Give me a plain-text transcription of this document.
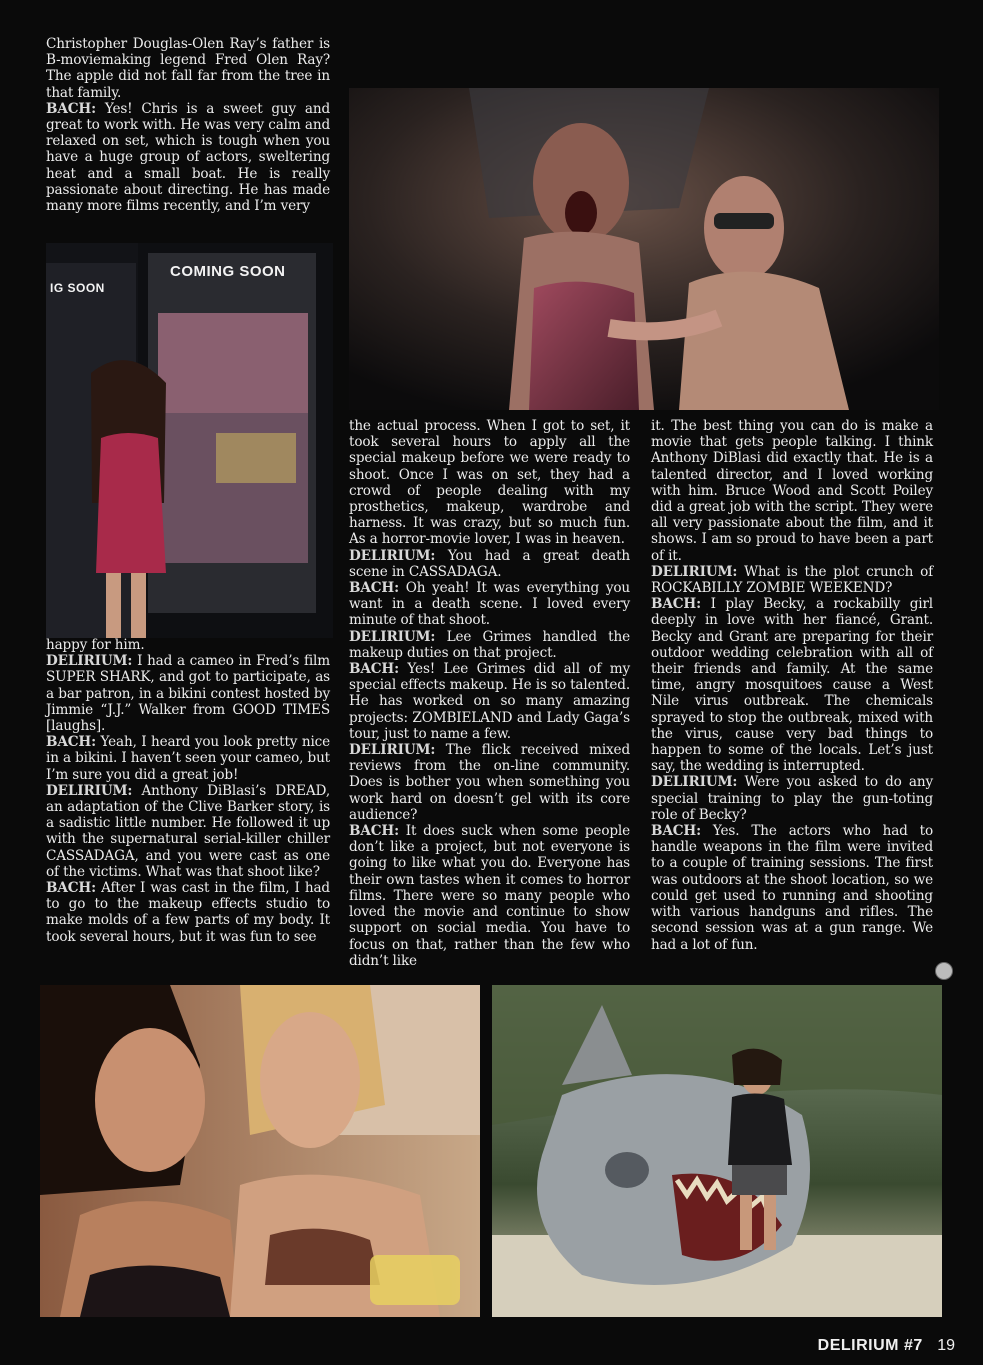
COMING SOON
IG SOON

Christopher Douglas-Olen Ray’s father is B-moviemaking legend Fred Olen Ray? The apple did not fall far from the tree in that family.

BACH: Yes! Chris is a sweet guy and great to work with. He was very calm and relaxed on set, which is tough when you have a huge group of actors, sweltering heat and a small boat. He is really passionate about directing. He has made many more films recently, and I’m very

happy for him.

DELIRIUM: I had a cameo in Fred’s film SUPER SHARK, and got to participate, as a bar patron, in a bikini contest hosted by Jimmie “J.J.” Walker from GOOD TIMES [laughs].

BACH: Yeah, I heard you look pretty nice in a bikini. I haven’t seen your cameo, but I’m sure you did a great job!

DELIRIUM: Anthony DiBlasi’s DREAD, an adaptation of the Clive Barker story, is a sadistic little number. He followed it up with the supernatural serial-killer chiller CASSADAGA, and you were cast as one of the victims. What was that shoot like?

BACH: After I was cast in the film, I had to go to the makeup effects studio to make molds of a few parts of my body. It took several hours, but it was fun to see

the actual process. When I got to set, it took several hours to apply all the special makeup before we were ready to shoot. Once I was on set, they had a crowd of people dealing with my prosthetics, makeup, wardrobe and harness. It was crazy, but so much fun. As a horror-movie lover, I was in heaven.

DELIRIUM: You had a great death scene in CASSADAGA.

BACH: Oh yeah! It was everything you want in a death scene. I loved every minute of that shoot.

DELIRIUM: Lee Grimes handled the makeup duties on that project.

BACH: Yes! Lee Grimes did all of my special effects makeup. He is so talented. He has worked on so many amazing projects: ZOMBIELAND and Lady Gaga’s tour, just to name a few.

DELIRIUM: The flick received mixed reviews from the on-line community. Does is bother you when something you work hard on doesn’t gel with its core audience?

BACH: It does suck when some people don’t like a project, but not everyone is going to like what you do. Everyone has their own tastes when it comes to horror films. There were so many people who loved the movie and continue to show support on social media. You have to focus on that, rather than the few who didn’t like

it. The best thing you can do is make a movie that gets people talking. I think Anthony DiBlasi did exactly that. He is a talented director, and I loved working with him. Bruce Wood and Scott Poiley did a great job with the script. They were all very passionate about the film, and it shows. I am so proud to have been a part of it.

DELIRIUM: What is the plot crunch of ROCKABILLY ZOMBIE WEEKEND?

BACH: I play Becky, a rockabilly girl deeply in love with her fiancé, Grant. Becky and Grant are preparing for their outdoor wedding celebration with all of their friends and family. At the same time, angry mosquitoes cause a West Nile virus outbreak. The chemicals sprayed to stop the outbreak, mixed with the virus, cause very bad things to happen to some of the locals. Let’s just say, the wedding is interrupted.

DELIRIUM: Were you asked to do any special training to play the gun-toting role of Becky?

BACH: Yes. The actors who had to handle weapons in the film were invited to a couple of training sessions. The first was outdoors at the shoot location, so we could get used to running and shooting with various handguns and rifles. The second session was at a gun range. We had a lot of fun.

DELIRIUM #7 19
